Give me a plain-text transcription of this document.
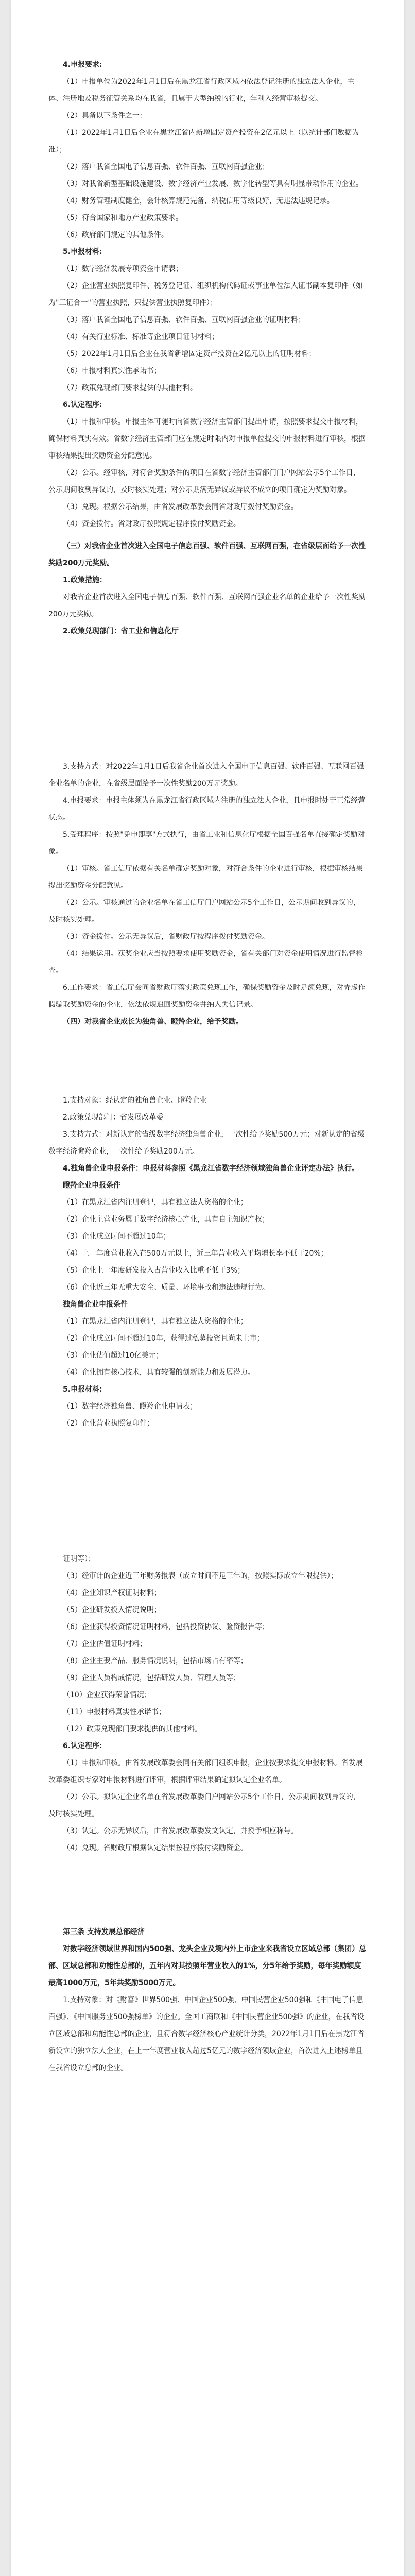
4.申报要求:

（1）申报单位为2022年1月1日后在黑龙江省行政区域内依法登记注册的独立法人企业，主体、注册地及税务征管关系均在我省，且属于大型纳税的行业，年利入经营审核提交。

（2）具备以下条件之一：

（1）2022年1月1日后企业在黑龙江省内新增固定资产投资在2亿元以上（以统计部门数据为准）；

（2）落户我省全国电子信息百强、软件百强、互联网百强企业；

（3）对我省新型基础设施建设、数字经济产业发展、数字化转型等具有明显带动作用的企业。

（4）财务管理制度健全，会计核算规范完备，纳税信用等级良好，无违法违规记录。

（5）符合国家和地方产业政策要求。

（6）政府部门规定的其他条件。

5.申报材料:

（1）数字经济发展专项资金申请表；

（2）企业营业执照复印件、税务登记证、组织机构代码证或事业单位法人证书副本复印件（如为"三证合一"的营业执照，只提供营业执照复印件）；

（3）落户我省全国电子信息百强、软件百强、互联网百强企业的证明材料；

（4）有关行业标准、标准等企业项目证明材料；

（5）2022年1月1日后企业在我省新增固定资产投资在2亿元以上的证明材料；

（6）申报材料真实性承诺书；

（7）政策兑现部门要求提供的其他材料。

6.认定程序:

（1）申报和审核。申报主体可随时向省数字经济主管部门提出申请，按照要求提交申报材料，确保材料真实有效。省数字经济主管部门应在规定时限内对申报单位提交的申报材料进行审核，根据审核结果提出奖励资金分配意见。

（2）公示。经审核，对符合奖励条件的项目在省数字经济主管部门门户网站公示5个工作日，公示期间收到异议的，及时核实处理；对公示期满无异议或异议不成立的项目确定为奖励对象。

（3）兑现。根据公示结果，由省发展改革委会同省财政厅拨付奖励资金。

（4）资金拨付。省财政厅按照规定程序拨付奖励资金。

（三）对我省企业首次进入全国电子信息百强、软件百强、互联网百强，在省级层面给予一次性奖励200万元奖励。

1.政策措施：

对我省企业首次进入全国电子信息百强、软件百强、互联网百强企业名单的企业给予一次性奖励200万元奖励。

2.政策兑现部门：省工业和信息化厅

3.支持方式：对2022年1月1日后我省企业首次进入全国电子信息百强、软件百强、互联网百强企业名单的企业，在省级层面给予一次性奖励200万元奖励。

4.申报要求：申报主体须为在黑龙江省行政区域内注册的独立法人企业，且申报时处于正常经营状态。

5.受理程序：按照"免申即享"方式执行，由省工业和信息化厅根据全国百强名单直接确定奖励对象。

（1）审核。省工信厅依据有关名单确定奖励对象，对符合条件的企业进行审核，根据审核结果提出奖励资金分配意见。

（2）公示。审核通过的企业名单在省工信厅门户网站公示5个工作日，公示期间收到异议的，及时核实处理。

（3）资金拨付。公示无异议后，省财政厅按程序拨付奖励资金。

（4）结果运用。获奖企业应当按照要求使用奖励资金，省有关部门对资金使用情况进行监督检查。

6.工作要求：省工信厅会同省财政厅落实政策兑现工作，确保奖励资金及时足额兑现，对弄虚作假骗取奖励资金的企业，依法依规追回奖励资金并纳入失信记录。

（四）对我省企业成长为独角兽、瞪羚企业，给予奖励。

1.支持对象：经认定的独角兽企业、瞪羚企业。

2.政策兑现部门：省发展改革委

3.支持方式：对新认定的省级数字经济独角兽企业，一次性给予奖励500万元；对新认定的省级数字经济瞪羚企业，一次性给予奖励200万元。

4.独角兽企业申报条件：申报材料参照《黑龙江省数字经济领域独角兽企业评定办法》执行。

瞪羚企业申报条件

（1）在黑龙江省内注册登记，具有独立法人资格的企业；

（2）企业主营业务属于数字经济核心产业，具有自主知识产权；

（3）企业成立时间不超过10年；

（4）上一年度营业收入在500万元以上，近三年营业收入平均增长率不低于20%；

（5）企业上一年度研发投入占营业收入比重不低于3%；

（6）企业近三年无重大安全、质量、环境事故和违法违规行为。

独角兽企业申报条件

（1）在黑龙江省内注册登记，具有独立法人资格的企业；

（2）企业成立时间不超过10年，获得过私募投资且尚未上市；

（3）企业估值超过10亿美元；

（4）企业拥有核心技术，具有较强的创新能力和发展潜力。

5.申报材料:

（1）数字经济独角兽、瞪羚企业申请表；

（2）企业营业执照复印件；

证明等）；

（3）经审计的企业近三年财务报表（成立时间不足三年的，按照实际成立年限提供）；

（4）企业知识产权证明材料；

（5）企业研发投入情况说明；

（6）企业获得投资情况证明材料，包括投资协议、验资报告等；

（7）企业估值证明材料；

（8）企业主要产品、服务情况说明，包括市场占有率等；

（9）企业人员构成情况，包括研发人员、管理人员等；

（10）企业获得荣誉情况；

（11）申报材料真实性承诺书；

（12）政策兑现部门要求提供的其他材料。

6.认定程序:

（1）申报和审核。由省发展改革委会同有关部门组织申报，企业按要求提交申报材料。省发展改革委组织专家对申报材料进行评审，根据评审结果确定拟认定企业名单。

（2）公示。拟认定企业名单在省发展改革委门户网站公示5个工作日，公示期间收到异议的，及时核实处理。

（3）认定。公示无异议后，由省发展改革委发文认定，并授予相应称号。

（4）兑现。省财政厅根据认定结果按程序拨付奖励资金。

第三条 支持发展总部经济

对数字经济领域世界和国内500强、龙头企业及境内外上市企业来我省设立区域总部（集团）总部、区域总部和功能性总部的，五年内对其按照年营业收入的1%，分5年给予奖励，每年奖励额度最高1000万元，5年共奖励5000万元。

1.支持对象：对《财富》世界500强、中国企业500强、中国民营企业500强和《中国电子信息百强》、《中国服务业500强榜单》的企业。全国工商联和《中国民营企业500强》的企业，在我省设立区域总部和功能性总部的企业，且符合数字经济核心产业统计分类，2022年1月1日后在黑龙江省新设立的独立法人企业，在上一年度营业收入超过5亿元的数字经济领域企业，首次进入上述榜单且在我省设立总部的企业。
